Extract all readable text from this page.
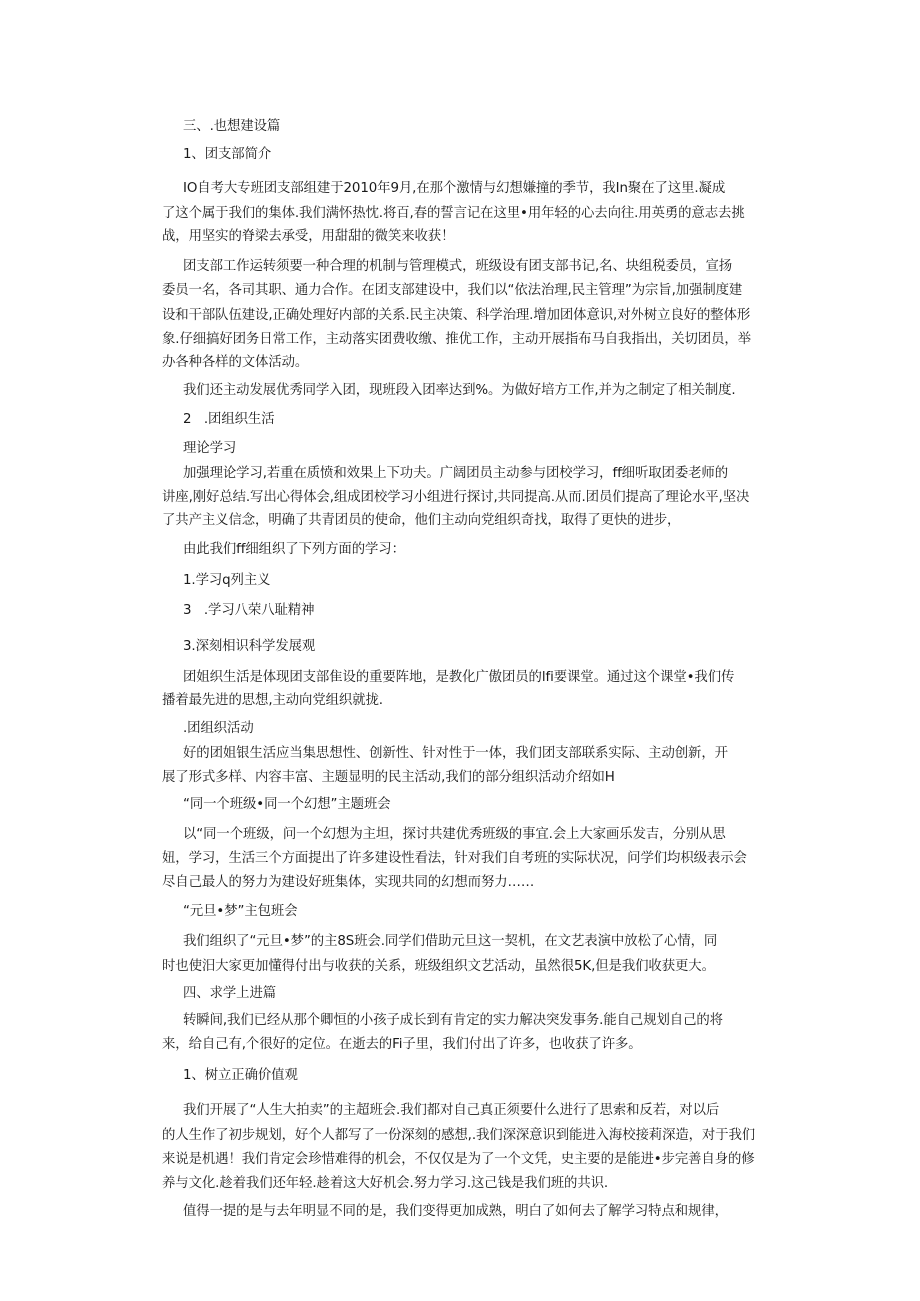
三、.也想建设篇
1、团支部简介
IO自考大专班团支部组建于2010年9月,在那个激情与幻想嫌撞的季节，我In聚在了这里.凝成
了这个属于我们的集体.我们满怀热忱.将百,春的誓言记在这里•用年轻的心去向往.用英勇的意志去挑
战，用坚实的脊梁去承受，用甜甜的微笑来收获！
团支部工作运转须要一种合理的机制与管理模式，班级设有团支部书记,名、块组税委员，宣扬
委员一名，各司其职、通力合作。在团支部建设中，我们以“依法治理,民主管理”为宗旨,加强制度建
设和干部队伍建设,正确处理好内部的关系.民主决策、科学治理.增加团体意识,对外树立良好的整体形
象.仔细搞好团务日常工作，主动落实团费收缴、推优工作，主动开展指布马自我指出，关切团员，举
办各种各样的文体活动。
我们还主动发展优秀同学入团，现班段入团率达到%。为做好培方工作,并为之制定了相关制度.
2   .团组织生活
理论学习
加强理论学习,若重在质愤和效果上下功夫。广阔团员主动参与团校学习，ff细听取团委老师的
讲座,刚好总结.写出心得体会,组成团校学习小组进行探讨,共同提高.从而.团员们提高了理论水平,坚决
了共产主义信念，明确了共青团员的使命，他们主动向党组织奇找，取得了更快的进步，
由此我们ff细组织了下列方面的学习：
1.学习q列主义
3   .学习八荣八耻精神
3.深刻相识科学发展观
团姐织生活是体现团支部隹设的重要阵地，是教化广傲团员的lfi要课堂。通过这个课堂•我们传
播着最先进的思想,主动向党组织就拢.
.团组织活动
好的团姐银生活应当集思想性、创新性、针对性于一体，我们团支部联系实际、主动创新，开
展了形式多样、内容丰富、主题显明的民主活动,我们的部分组织活动介绍如H
“同一个班级•同一个幻想”主题班会
以“同一个班级，问一个幻想为主坦，探讨共建优秀班级的事宜.会上大家画乐发吉，分别从思
妞，学习，生活三个方面提出了许多建设性看法，针对我们自考班的实际状况，问学们均枳级表示会
尽自己最人的努力为建设好班集体，实现共同的幻想而努力……
“元旦•梦”主包班会
我们组织了“元旦•梦”的主8S班会.同学们借助元旦这一契机，在文艺表演中放松了心情，同
时也使汨大家更加懂得付出与收获的关系，班级组织文艺活动，虽然很5K,但是我们收获更大。
四、求学上进篇
转瞬间,我们已经从那个卿恒的小孩子成长到有肯定的实力解决突发事务.能自己规划自己的将
来，给自己有,个很好的定位。在逝去的Fi子里，我们付出了许多，也收获了许多。
1、树立正确价值观
我们开展了“人生大拍卖”的主超班会.我们都对自己真正须要什么进行了思索和反若，对以后
的人生作了初步规划，好个人都写了一份深刻的感想,.我们深深意识到能进入海校接莉深造，对于我们
来说是机遇！我们肯定会珍惜难得的机会，不仅仅是为了一个文凭，史主要的是能进•步完善自身的修
养与文化.趁着我们还年轻.趁着这大好机会.努力学习.这己钱是我们班的共识.
值得一提的是与去年明显不同的是，我们变得更加成熟，明白了如何去了解学习特点和规律，
